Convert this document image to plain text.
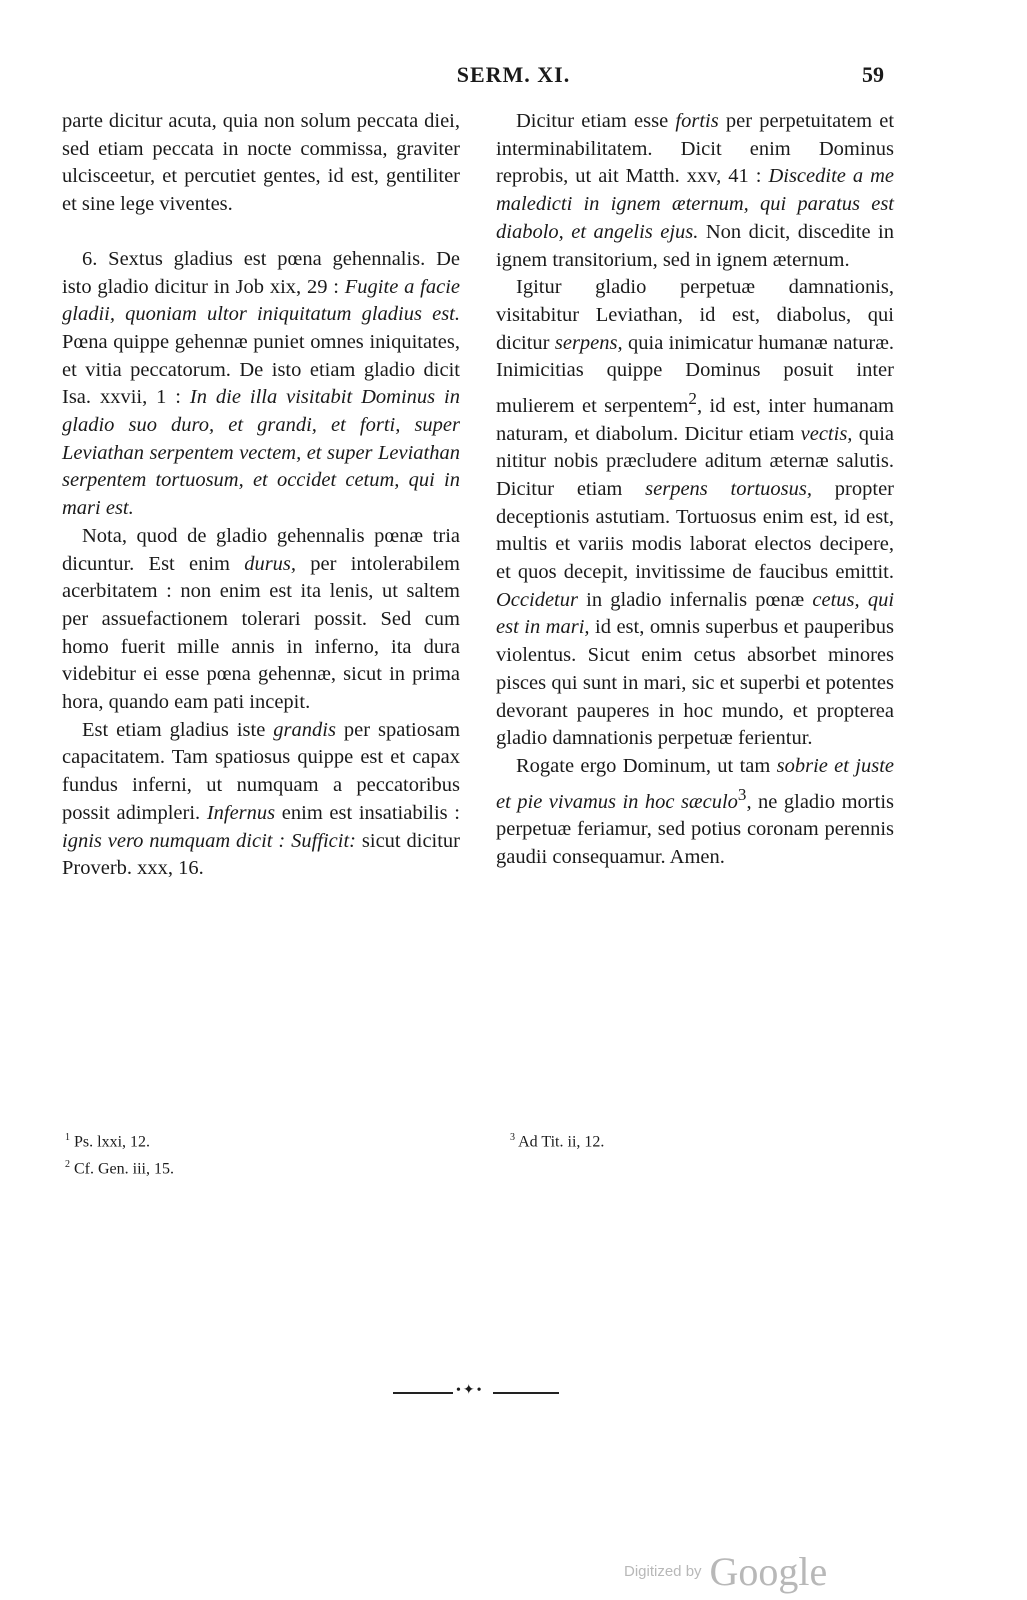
SERM. XI.	59

parte dicitur acuta, quia non solum peccata diei, sed etiam peccata in nocte commissa, graviter ulcisceetur, et percutiet gentes, id est, gentiliter et sine lege viventes.

6. Sextus gladius est pœna gehennalis. De isto gladio dicitur in Job xix, 29 : Fugite a facie gladii, quoniam ultor iniquitatum gladius est. Pœna quippe gehennæ puniet omnes iniquitates, et vitia peccatorum. De isto etiam gladio dicit Isa. xxvii, 1 : In die illa visitabit Dominus in gladio suo duro, et grandi, et forti, super Leviathan serpentem vectem, et super Leviathan serpentem tortuosum, et occidet cetum, qui in mari est.

Nota, quod de gladio gehennalis pœnæ tria dicuntur. Est enim durus, per intolerabilem acerbitatem : non enim est ita lenis, ut saltem per assuefactionem tolerari possit. Sed cum homo fuerit mille annis in inferno, ita dura videbitur ei esse pœna gehennæ, sicut in prima hora, quando eam pati incepit.

Est etiam gladius iste grandis per spatiosam capacitatem. Tam spatiosus quippe est et capax fundus inferni, ut numquam a peccatoribus possit adimpleri. Infernus enim est insatiabilis : ignis vero numquam dicit : Sufficit: sicut dicitur Proverb. xxx, 16.

Dicitur etiam esse fortis per perpetuitatem et interminabilitatem. Dicit enim Dominus reprobis, ut ait Matth. xxv, 41 : Discedite a me maledicti in ignem æternum, qui paratus est diabolo, et angelis ejus. Non dicit, discedite in ignem transitorium, sed in ignem æternum.

Igitur gladio perpetuæ damnationis, visitabitur Leviathan, id est, diabolus, qui dicitur serpens, quia inimicatur humanæ naturæ. Inimicitias quippe Dominus posuit inter mulierem et serpentem$^2$, id est, inter humanam naturam, et diabolum. Dicitur etiam vectis, quia nititur nobis præcludere aditum æternæ salutis. Dicitur etiam serpens tortuosus, propter deceptionis astutiam. Tortuosus enim est, id est, multis et variis modis laborat electos decipere, et quos decepit, invitissime de faucibus emittit. Occidetur in gladio infernalis pœnæ cetus, qui est in mari, id est, omnis superbus et pauperibus violentus. Sicut enim cetus absorbet minores pisces qui sunt in mari, sic et superbi et potentes devorant pauperes in hoc mundo, et propterea gladio damnationis perpetuæ ferientur.

Rogate ergo Dominum, ut tam sobrie et juste et pie vivamus in hoc sæculo$^3$, ne gladio mortis perpetuæ feriamur, sed potius coronam perennis gaudii consequamur. Amen.

$^1$ Ps. lxxi, 12.
$^2$ Cf. Gen. iii, 15.
$^3$ Ad Tit. ii, 12.
•✦•
Digitized by Google
